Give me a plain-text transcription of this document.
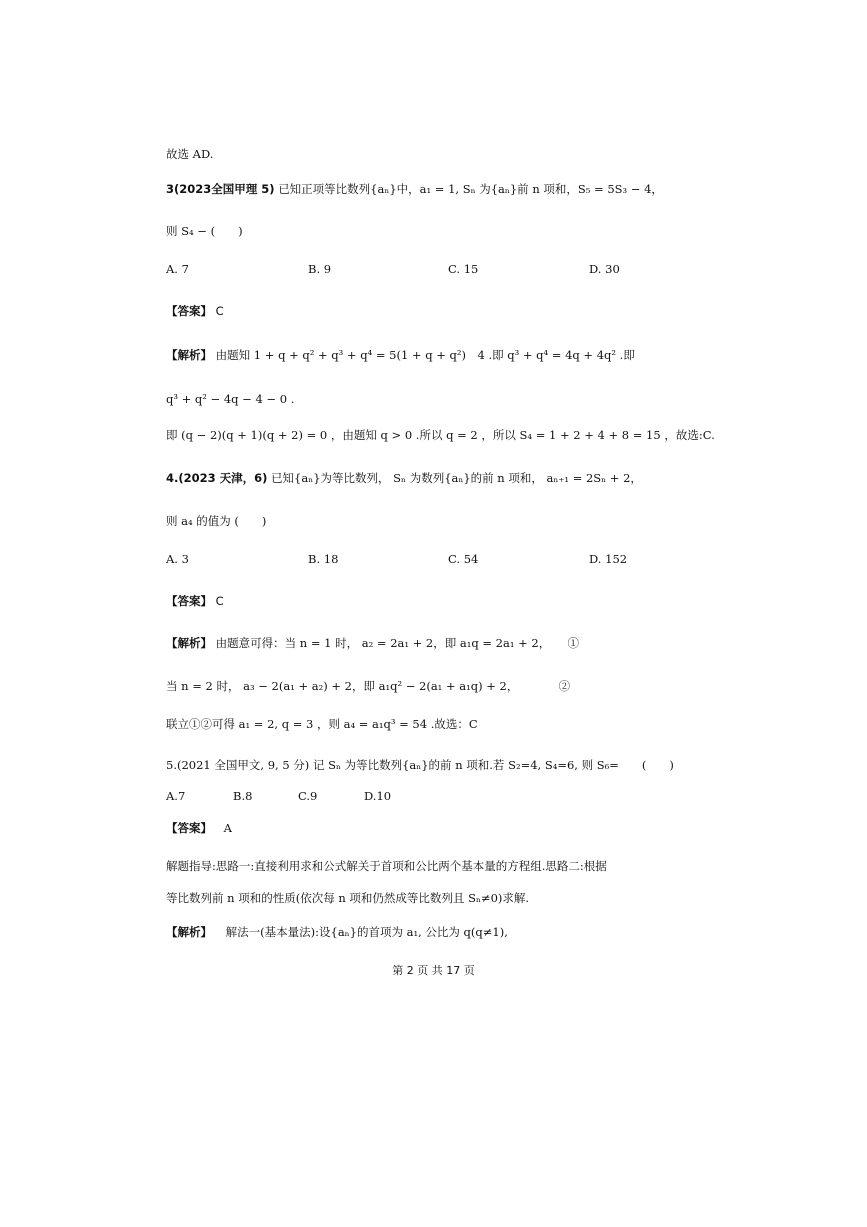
故选 AD.
3(2023全国甲理 5) 已知正项等比数列{aₙ}中，a₁ = 1, Sₙ 为{aₙ}前 n 项和，S₅ = 5S₃ − 4，
则 S₄ − (　　)
A. 7	B. 9	C. 15	D. 30
【答案】 C
【解析】 由题知 1 + q + q² + q³ + q⁴ = 5(1 + q + q²)　4 .即 q³ + q⁴ = 4q + 4q² .即
q³ + q² − 4q − 4 − 0 .
即 (q − 2)(q + 1)(q + 2) = 0 ，由题知 q > 0 .所以 q = 2 ，所以 S₄ = 1 + 2 + 4 + 8 = 15 ，故选:C.
4.(2023 天津，6) 已知{aₙ}为等比数列， Sₙ 为数列{aₙ}的前 n 项和， aₙ₊₁ = 2Sₙ + 2，
则 a₄ 的值为 (　　)
A. 3	B. 18	C. 54	D. 152
【答案】 C
【解析】 由题意可得：当 n = 1 时， a₂ = 2a₁ + 2，即 a₁q = 2a₁ + 2，　　①
当 n = 2 时， a₃ − 2(a₁ + a₂) + 2，即 a₁q² − 2(a₁ + a₁q) + 2，　　　　②
联立①②可得 a₁ = 2, q = 3 ，则 a₄ = a₁q³ = 54 .故选：C
5.(2021 全国甲文, 9, 5 分) 记 Sₙ 为等比数列{aₙ}的前 n 项和.若 S₂=4, S₄=6, 则 S₆=　　(　　)
A.7	B.8	C.9	D.10
【答案】 A
解题指导:思路一:直接利用求和公式解关于首项和公比两个基本量的方程组.思路二:根据
等比数列前 n 项和的性质(依次每 n 项和仍然成等比数列且 Sₙ≠0)求解.
【解析】 解法一(基本量法):设{aₙ}的首项为 a₁, 公比为 q(q≠1),
第 2 页 共 17 页
